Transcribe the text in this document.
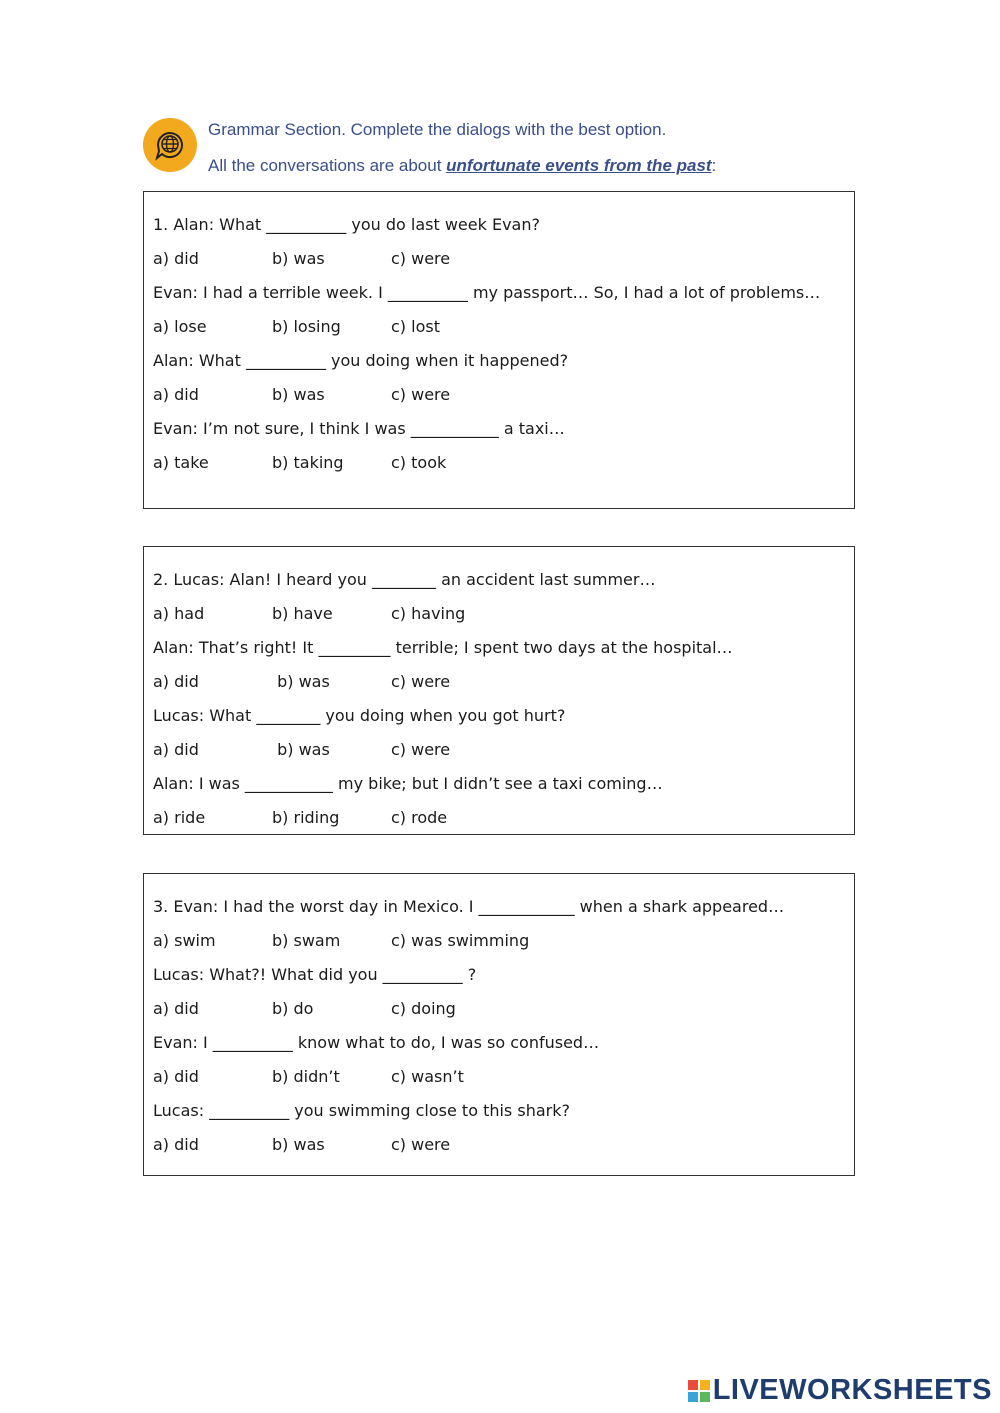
Grammar Section. Complete the dialogs with the best option.
All the conversations are about unfortunate events from the past:
1. Alan: What __________ you do last week Evan?
a) did	b) was	c) were
Evan: I had a terrible week. I __________ my passport… So, I had a lot of problems…
a) lose	b) losing	c) lost
Alan: What __________ you doing when it happened?
a) did	b) was	c) were
Evan: I’m not sure, I think I was ___________ a taxi…
a) take	b) taking	c) took
2. Lucas: Alan! I heard you ________ an accident last summer…
a) had	b) have	c) having
Alan: That’s right! It _________ terrible; I spent two days at the hospital…
a) did	b) was	c) were
Lucas: What ________ you doing when you got hurt?
a) did	b) was	c) were
Alan: I was ___________ my bike; but I didn’t see a taxi coming…
a) ride	b) riding	c) rode
3. Evan: I had the worst day in Mexico. I ____________ when a shark appeared…
a) swim	b) swam	c) was swimming
Lucas: What?! What did you __________ ?
a) did	b) do	c) doing
Evan: I __________ know what to do, I was so confused…
a) did	b) didn’t	c) wasn’t
Lucas: __________ you swimming close to this shark?
a) did	b) was	c) were
LIVEWORKSHEETS
